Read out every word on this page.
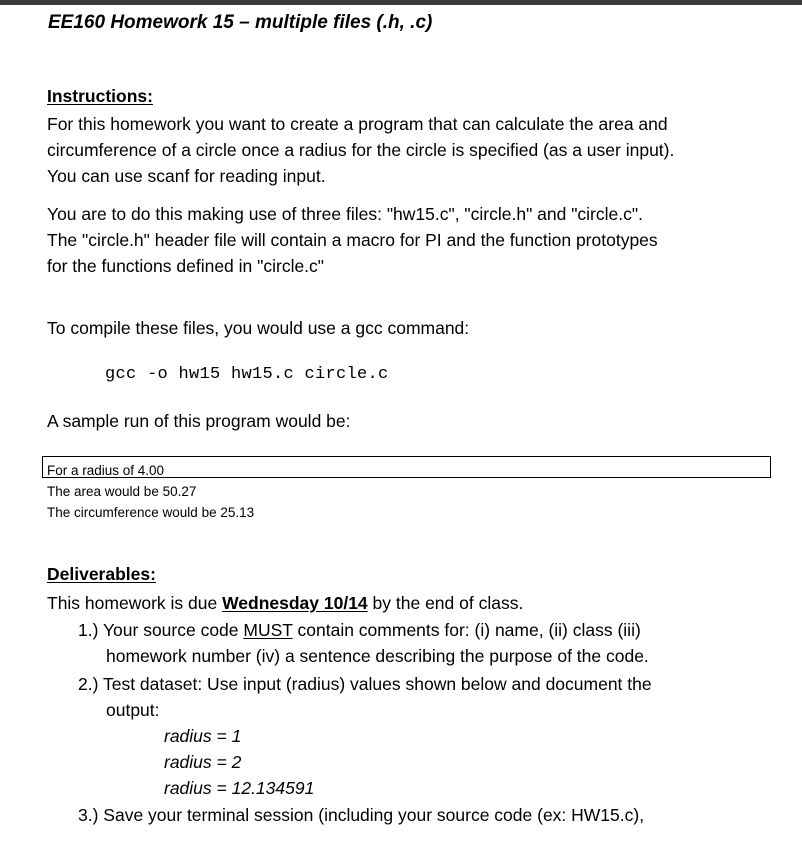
EE160 Homework 15 – multiple files (.h, .c)
Instructions:
For this homework you want to create a program that can calculate the area and
circumference of a circle once a radius for the circle is specified (as a user input).
You can use scanf for reading input.
You are to do this making use of three files: "hw15.c", "circle.h" and "circle.c".
The "circle.h" header file will contain a macro for PI and the function prototypes
for the functions defined in "circle.c"
To compile these files, you would use a gcc command:
gcc -o hw15 hw15.c circle.c
A sample run of this program would be:
For a radius of 4.00
The area would be 50.27
The circumference would be 25.13
Deliverables:
This homework is due Wednesday 10/14 by the end of class.
1.) Your source code MUST contain comments for: (i) name, (ii) class (iii)
homework number (iv) a sentence describing the purpose of the code.
2.) Test dataset: Use input (radius) values shown below and document the
output:
radius = 1
radius = 2
radius = 12.134591
3.) Save your terminal session (including your source code (ex: HW15.c),
